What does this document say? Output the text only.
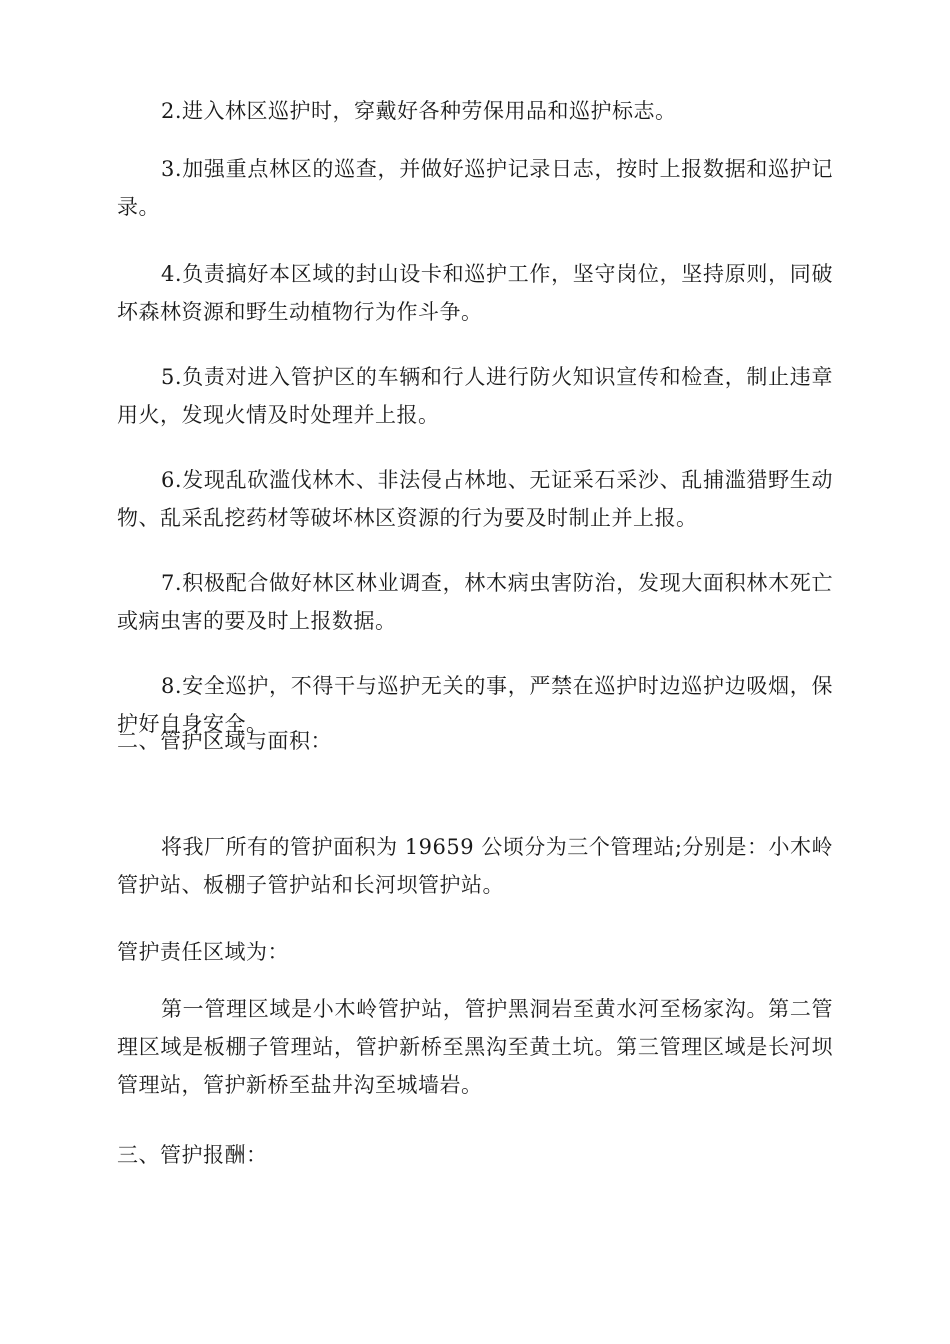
2.进入林区巡护时，穿戴好各种劳保用品和巡护标志。

3.加强重点林区的巡查，并做好巡护记录日志，按时上报数据和巡护记录。

4.负责搞好本区域的封山设卡和巡护工作，坚守岗位，坚持原则，同破坏森林资源和野生动植物行为作斗争。

5.负责对进入管护区的车辆和行人进行防火知识宣传和检查，制止违章用火，发现火情及时处理并上报。

6.发现乱砍滥伐林木、非法侵占林地、无证采石采沙、乱捕滥猎野生动物、乱采乱挖药材等破坏林区资源的行为要及时制止并上报。

7.积极配合做好林区林业调查，林木病虫害防治，发现大面积林木死亡或病虫害的要及时上报数据。

8.安全巡护，不得干与巡护无关的事，严禁在巡护时边巡护边吸烟，保护好自身安全。

二、管护区域与面积：

将我厂所有的管护面积为 19659 公顷分为三个管理站;分别是：小木岭管护站、板棚子管护站和长河坝管护站。

管护责任区域为：

第一管理区域是小木岭管护站，管护黑洞岩至黄水河至杨家沟。第二管理区域是板棚子管理站，管护新桥至黑沟至黄土坑。第三管理区域是长河坝管理站，管护新桥至盐井沟至城墙岩。

三、管护报酬：
